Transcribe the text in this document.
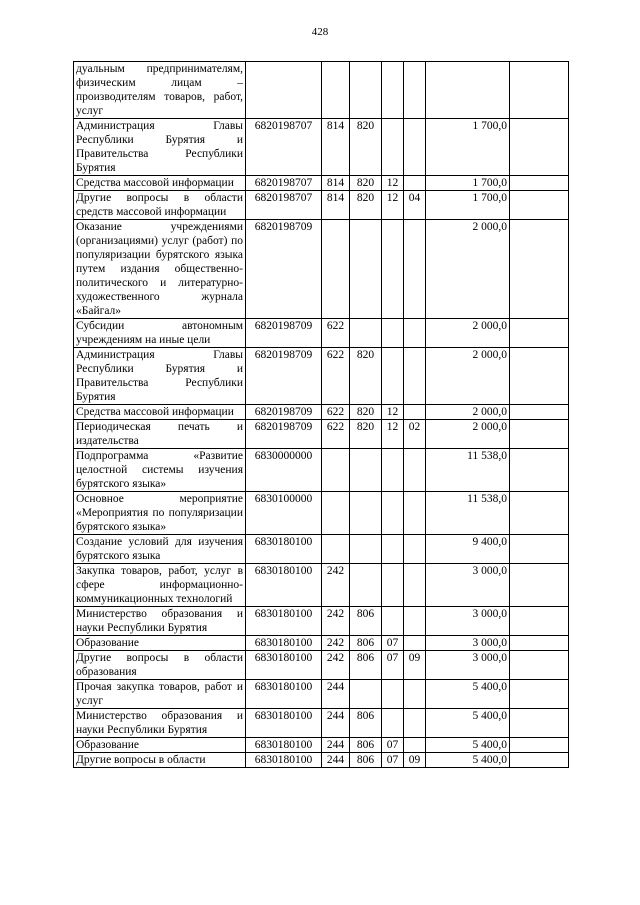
428
дуальным предпринимателям, физическим лицам – производителям товаров, работ, услуг							
Администрация Главы Республики Бурятия и Правительства Республики Бурятия	6820198707	814	820			1 700,0	
Средства массовой информации	6820198707	814	820	12		1 700,0	
Другие вопросы в области средств массовой информации	6820198707	814	820	12	04	1 700,0	
Оказание учреждениями (организациями) услуг (работ) по популяризации бурятского языка путем издания общественно-политического и литературно-художественного журнала «Байгал»	6820198709					2 000,0	
Субсидии автономным учреждениям на иные цели	6820198709	622				2 000,0	
Администрация Главы Республики Бурятия и Правительства Республики Бурятия	6820198709	622	820			2 000,0	
Средства массовой информации	6820198709	622	820	12		2 000,0	
Периодическая печать и издательства	6820198709	622	820	12	02	2 000,0	
Подпрограмма «Развитие целостной системы изучения бурятского языка»	6830000000					11 538,0	
Основное мероприятие «Мероприятия по популяризации бурятского языка»	6830100000					11 538,0	
Создание условий для изучения бурятского языка	6830180100					9 400,0	
Закупка товаров, работ, услуг в сфере информационно-коммуникационных технологий	6830180100	242				3 000,0	
Министерство образования и науки Республики Бурятия	6830180100	242	806			3 000,0	
Образование	6830180100	242	806	07		3 000,0	
Другие вопросы в области образования	6830180100	242	806	07	09	3 000,0	
Прочая закупка товаров, работ и услуг	6830180100	244				5 400,0	
Министерство образования и науки Республики Бурятия	6830180100	244	806			5 400,0	
Образование	6830180100	244	806	07		5 400,0	
Другие вопросы в области	6830180100	244	806	07	09	5 400,0	
